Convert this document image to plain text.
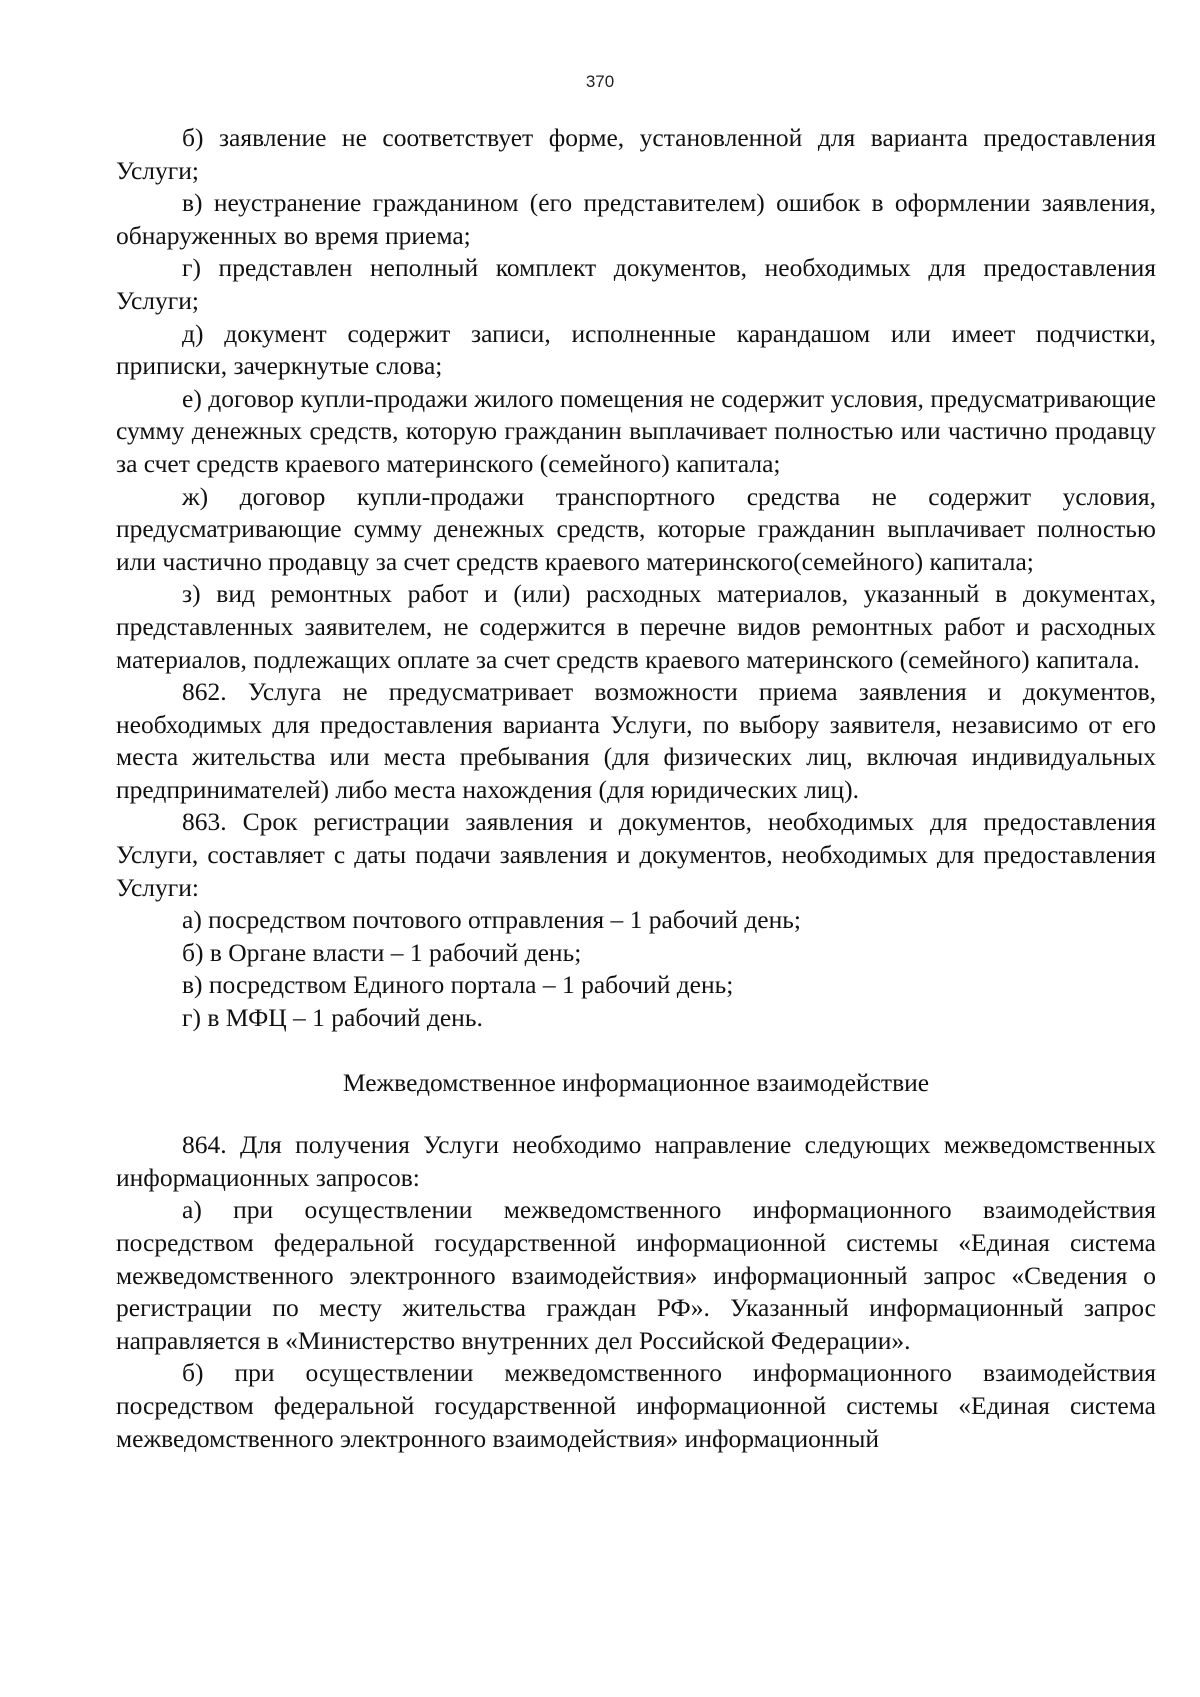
370

б) заявление не соответствует форме, установленной для варианта предоставления Услуги;

в) неустранение гражданином (его представителем) ошибок в оформлении заявления, обнаруженных во время приема;

г) представлен неполный комплект документов, необходимых для предоставления Услуги;

д) документ содержит записи, исполненные карандашом или имеет подчистки, приписки, зачеркнутые слова;

е) договор купли-продажи жилого помещения не содержит условия, предусматривающие сумму денежных средств, которую гражданин выплачивает полностью или частично продавцу за счет средств краевого материнского (семейного) капитала;

ж) договор купли-продажи транспортного средства не содержит условия, предусматривающие сумму денежных средств, которые гражданин выплачивает полностью или частично продавцу за счет средств краевого материнского(семейного) капитала;

з) вид ремонтных работ и (или) расходных материалов, указанный в документах, представленных заявителем, не содержится в перечне видов ремонтных работ и расходных материалов, подлежащих оплате за счет средств краевого материнского (семейного) капитала.

862. Услуга не предусматривает возможности приема заявления и документов, необходимых для предоставления варианта Услуги, по выбору заявителя, независимо от его места жительства или места пребывания (для физических лиц, включая индивидуальных предпринимателей) либо места нахождения (для юридических лиц).

863. Срок регистрации заявления и документов, необходимых для предоставления Услуги, составляет с даты подачи заявления и документов, необходимых для предоставления Услуги:

а) посредством почтового отправления – 1 рабочий день;

б) в Органе власти – 1 рабочий день;

в) посредством Единого портала – 1 рабочий день;

г) в МФЦ – 1 рабочий день.

Межведомственное информационное взаимодействие

864. Для получения Услуги необходимо направление следующих межведомственных информационных запросов:

а) при осуществлении межведомственного информационного взаимодействия посредством федеральной государственной информационной системы «Единая система межведомственного электронного взаимодействия» информационный запрос «Сведения о регистрации по месту жительства граждан РФ». Указанный информационный запрос направляется в «Министерство внутренних дел Российской Федерации».

б) при осуществлении межведомственного информационного взаимодействия посредством федеральной государственной информационной системы «Единая система межведомственного электронного взаимодействия» информационный
